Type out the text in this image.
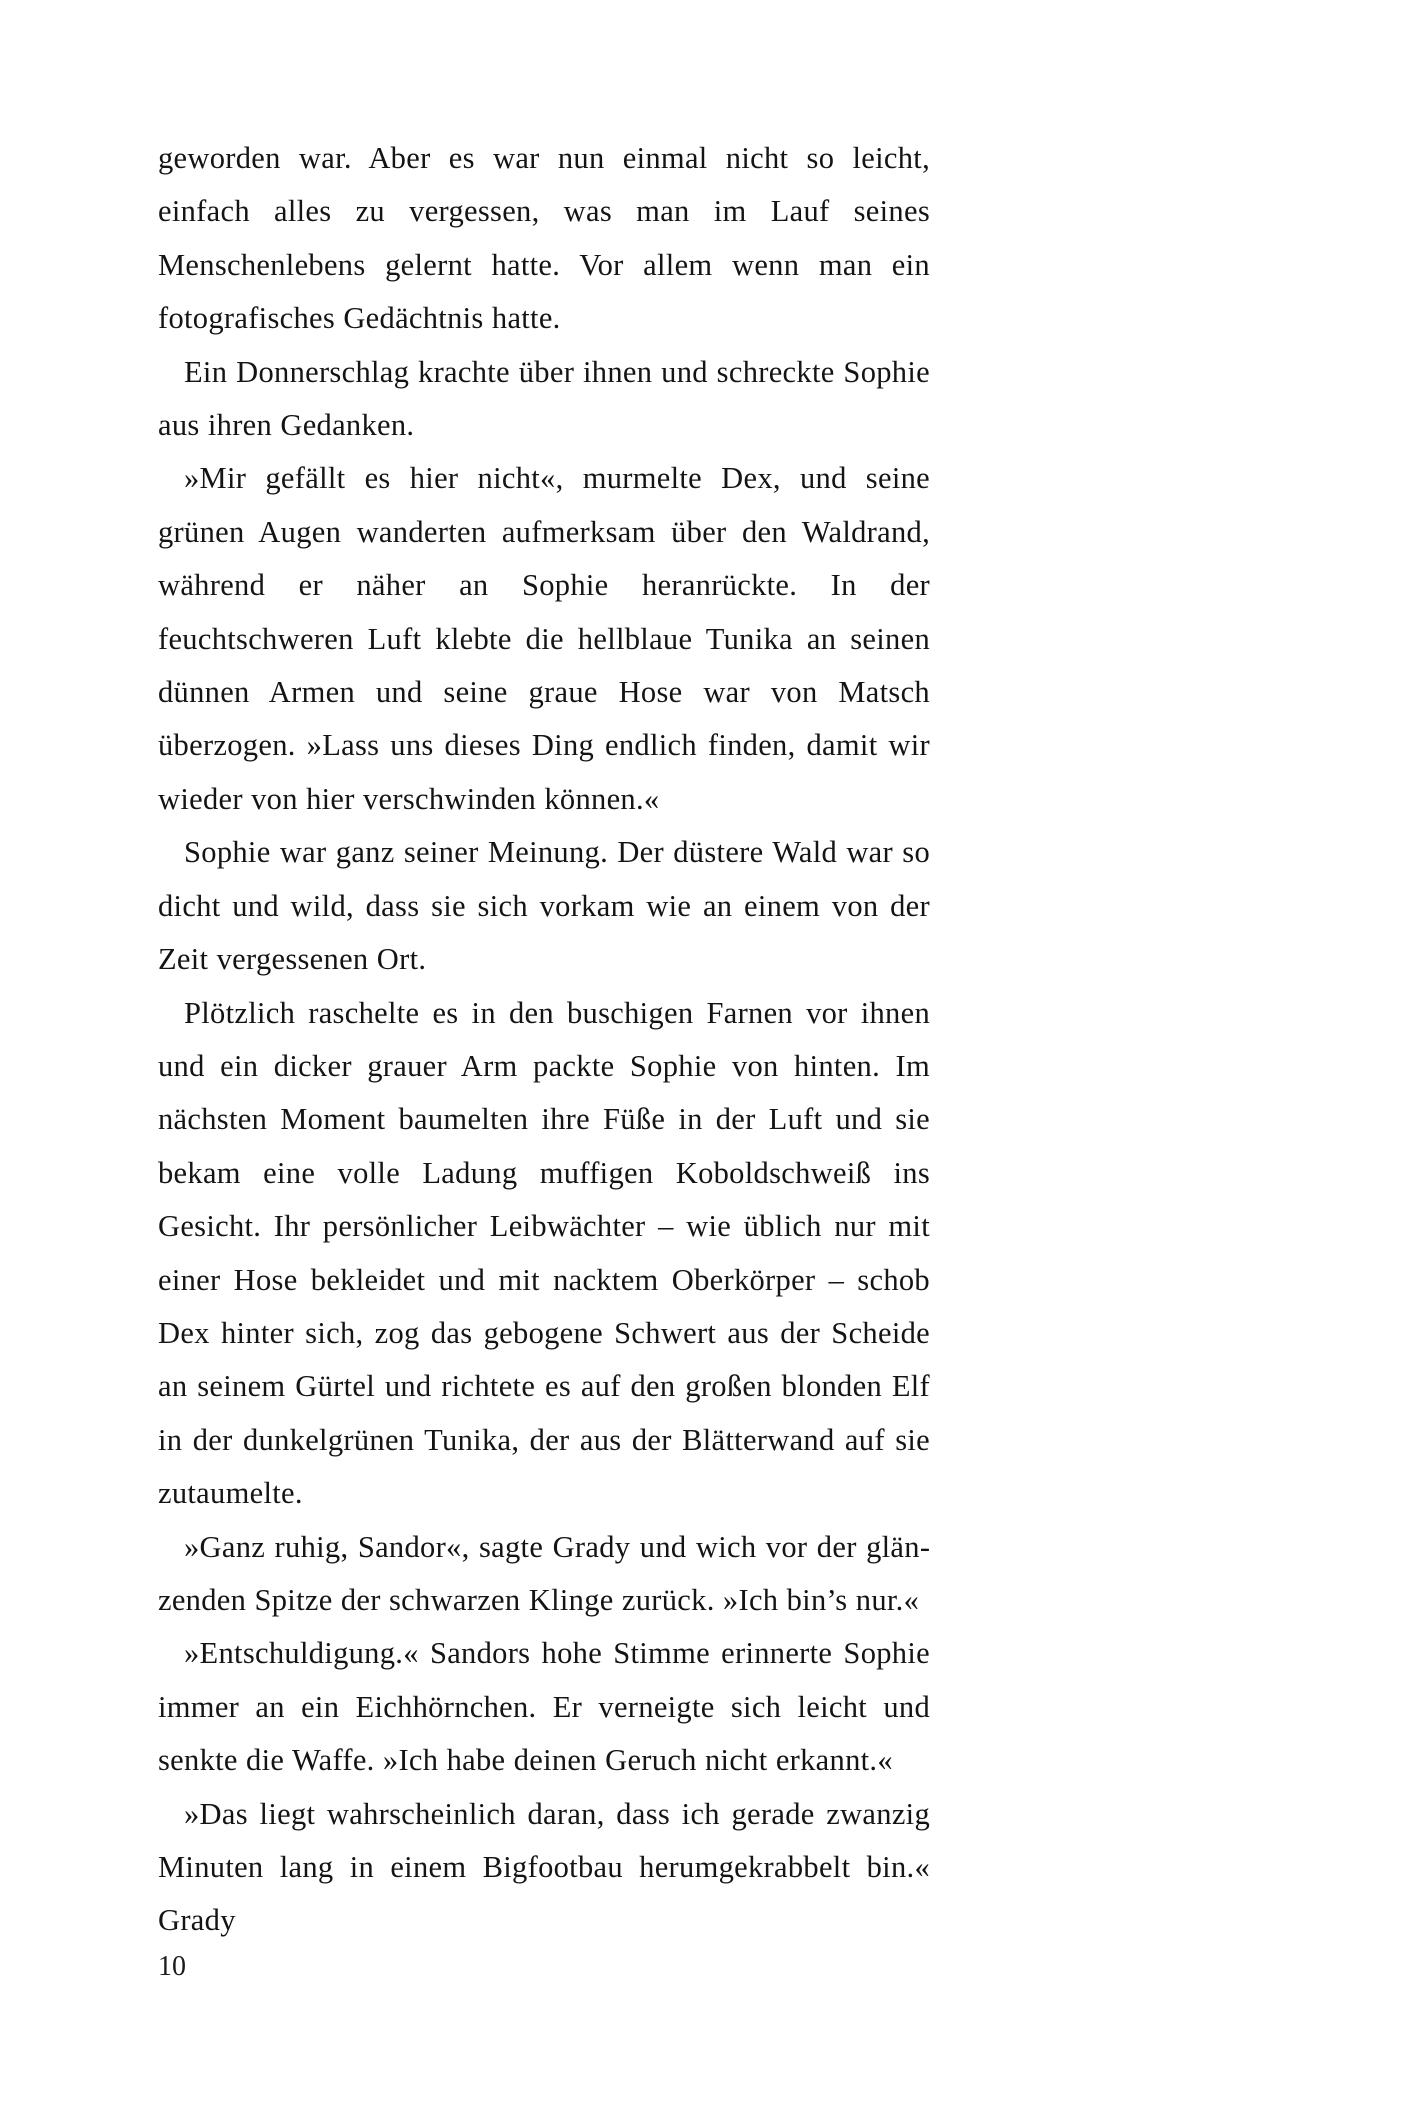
geworden war. Aber es war nun einmal nicht so leicht, einfach alles zu vergessen, was man im Lauf seines Menschenlebens gelernt hatte. Vor allem wenn man ein fotografisches Gedächtnis hatte.

Ein Donnerschlag krachte über ihnen und schreckte Sophie aus ihren Gedanken.

»Mir gefällt es hier nicht«, murmelte Dex, und seine grünen Augen wanderten aufmerksam über den Waldrand, während er näher an Sophie heranrückte. In der feuchtschweren Luft klebte die hellblaue Tunika an seinen dünnen Armen und seine graue Hose war von Matsch überzogen. »Lass uns dieses Ding endlich finden, damit wir wieder von hier verschwinden können.«

Sophie war ganz seiner Meinung. Der düstere Wald war so dicht und wild, dass sie sich vorkam wie an einem von der Zeit vergessenen Ort.

Plötzlich raschelte es in den buschigen Farnen vor ihnen und ein dicker grauer Arm packte Sophie von hinten. Im nächsten Moment baumelten ihre Füße in der Luft und sie bekam eine volle Ladung muffigen Koboldschweiß ins Gesicht. Ihr persönlicher Leibwächter – wie üblich nur mit einer Hose bekleidet und mit nacktem Oberkörper – schob Dex hinter sich, zog das gebogene Schwert aus der Scheide an seinem Gürtel und richtete es auf den großen blonden Elf in der dunkelgrünen Tunika, der aus der Blätterwand auf sie zutaumelte.

»Ganz ruhig, Sandor«, sagte Grady und wich vor der glänzenden Spitze der schwarzen Klinge zurück. »Ich bin’s nur.«

»Entschuldigung.« Sandors hohe Stimme erinnerte Sophie immer an ein Eichhörnchen. Er verneigte sich leicht und senkte die Waffe. »Ich habe deinen Geruch nicht erkannt.«

»Das liegt wahrscheinlich daran, dass ich gerade zwanzig Minuten lang in einem Bigfootbau herumgekrabbelt bin.« Grady

10
